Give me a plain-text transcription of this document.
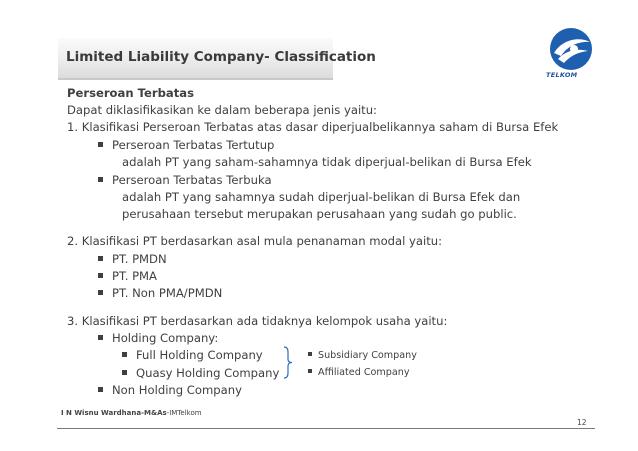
Limited Liability Company- Classification
TELKOM
Perseroan Terbatas
Dapat diklasifikasikan ke dalam beberapa jenis yaitu:
1. Klasifikasi Perseroan Terbatas atas dasar diperjualbelikannya saham di Bursa Efek
Perseroan Terbatas Tertutup
adalah PT yang saham-sahamnya tidak diperjual-belikan di Bursa Efek
Perseroan Terbatas Terbuka
adalah PT yang sahamnya sudah diperjual-belikan di Bursa Efek dan
perusahaan tersebut merupakan perusahaan yang sudah go public.
2. Klasifikasi PT berdasarkan asal mula penanaman modal yaitu:
PT. PMDN
PT. PMA
PT. Non PMA/PMDN
3. Klasifikasi PT berdasarkan ada tidaknya kelompok usaha yaitu:
Holding Company:
Full Holding Company
Quasy Holding Company
Non Holding Company
Subsidiary Company
Affiliated Company
I N Wisnu Wardhana-M&As-IMTelkom
12
